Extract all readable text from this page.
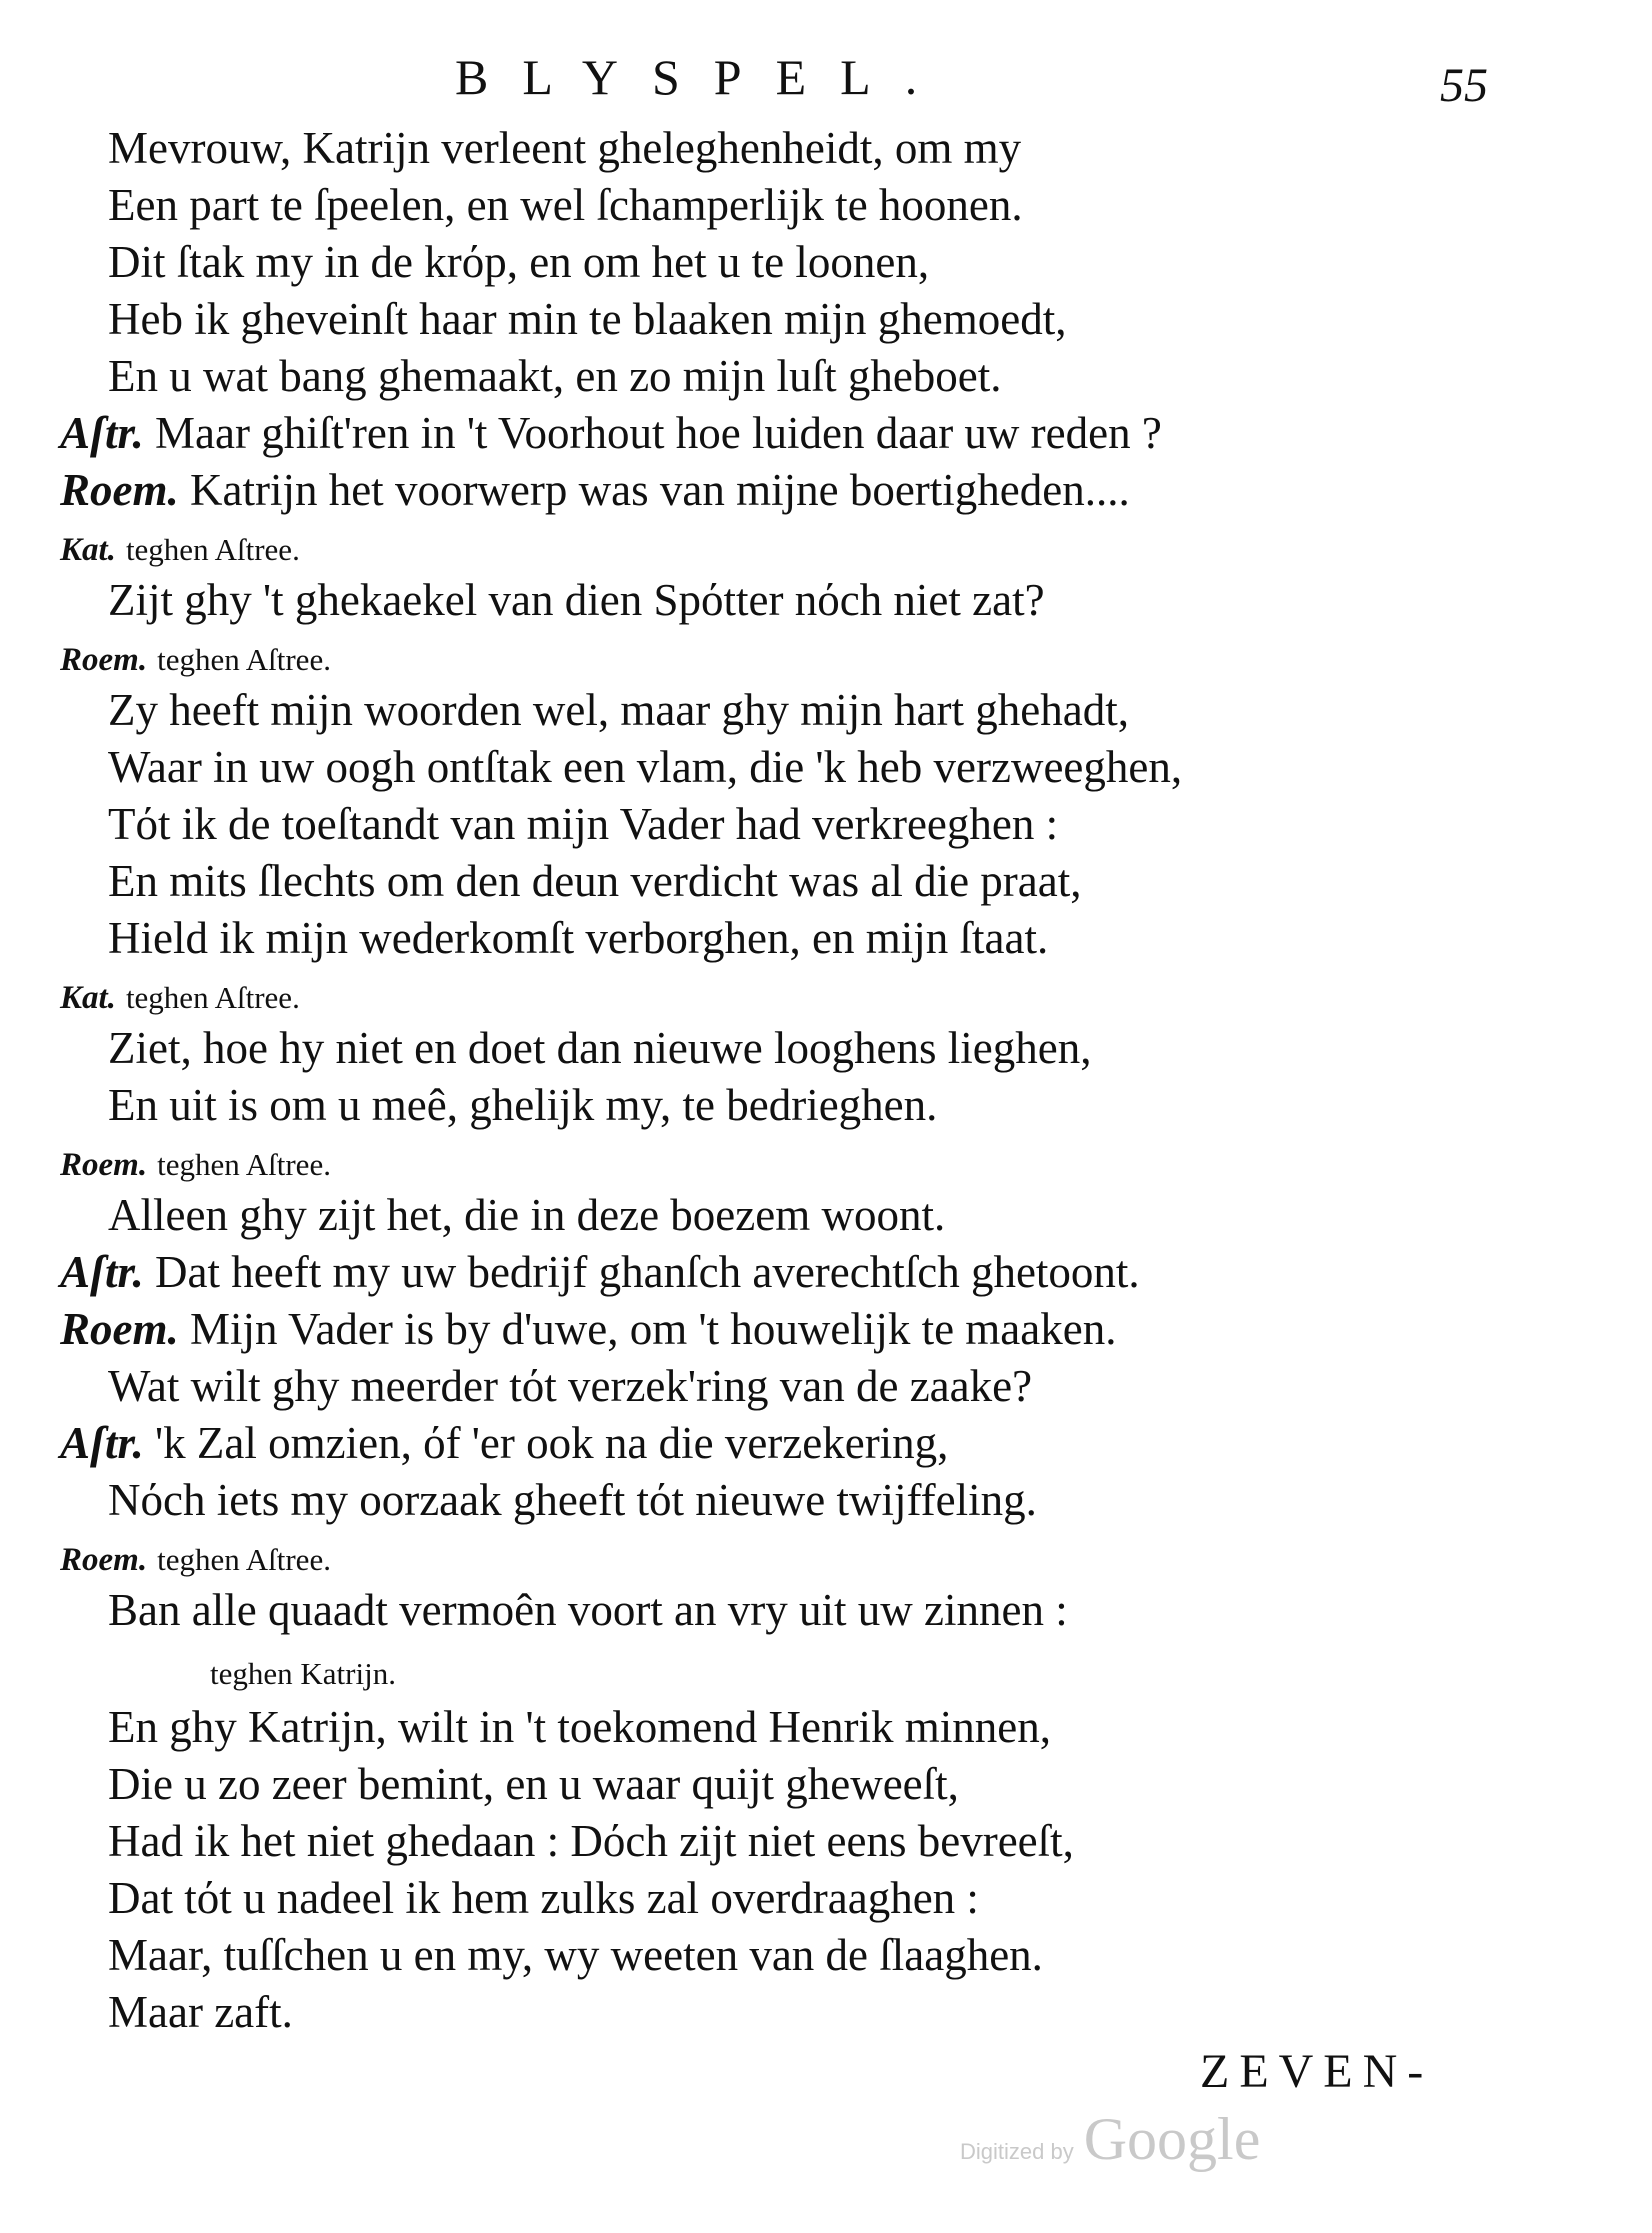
BLYSPEL.	55
Mevrouw, Katrijn verleent gheleghenheidt, om my
Een part te ſpeelen, en wel ſchamperlijk te hoonen.
Dit ſtak my in de krόp, en om het u te loonen,
Heb ik gheveinſt haar min te blaaken mijn ghemoedt,
En u wat bang ghemaakt, en zo mijn luſt gheboet.
Aſtr. Maar ghiſt'ren in 't Voorhout hoe luiden daar uw reden ?
Roem. Katrijn het voorwerp was van mijne boertigheden....
Kat. teghen Aſtree.
Zijt ghy 't ghekaekel van dien Spόtter nόch niet zat?
Roem. teghen Aſtree.
Zy heeft mijn woorden wel, maar ghy mijn hart ghehadt,
Waar in uw oogh ontſtak een vlam, die 'k heb verzweeghen,
Tόt ik de toeſtandt van mijn Vader had verkreeghen :
En mits ſlechts om den deun verdicht was al die praat,
Hield ik mijn wederkomſt verborghen, en mijn ſtaat.
Kat. teghen Aſtree.
Ziet, hoe hy niet en doet dan nieuwe looghens lieghen,
En uit is om u meê, ghelijk my, te bedrieghen.
Roem. teghen Aſtree.
Alleen ghy zijt het, die in deze boezem woont.
Aſtr. Dat heeft my uw bedrijf ghanſch averechtſch ghetoont.
Roem. Mijn Vader is by d'uwe, om 't houwelijk te maaken.
Wat wilt ghy meerder tόt verzek'ring van de zaake?
Aſtr. 'k Zal omzien, όf 'er ook na die verzekering,
Nόch iets my oorzaak gheeft tόt nieuwe twijffeling.
Roem. teghen Aſtree.
Ban alle quaadt vermoên voort an vry uit uw zinnen :
teghen Katrijn.
En ghy Katrijn, wilt in 't toekomend Henrik minnen,
Die u zo zeer bemint, en u waar quijt gheweeſt,
Had ik het niet ghedaan : Dόch zijt niet eens bevreeſt,
Dat tόt u nadeel ik hem zulks zal overdraaghen :
Maar, tuſſchen u en my, wy weeten van de ſlaaghen.
Maar zaft.
ZEVEN-
Digitized by Google
